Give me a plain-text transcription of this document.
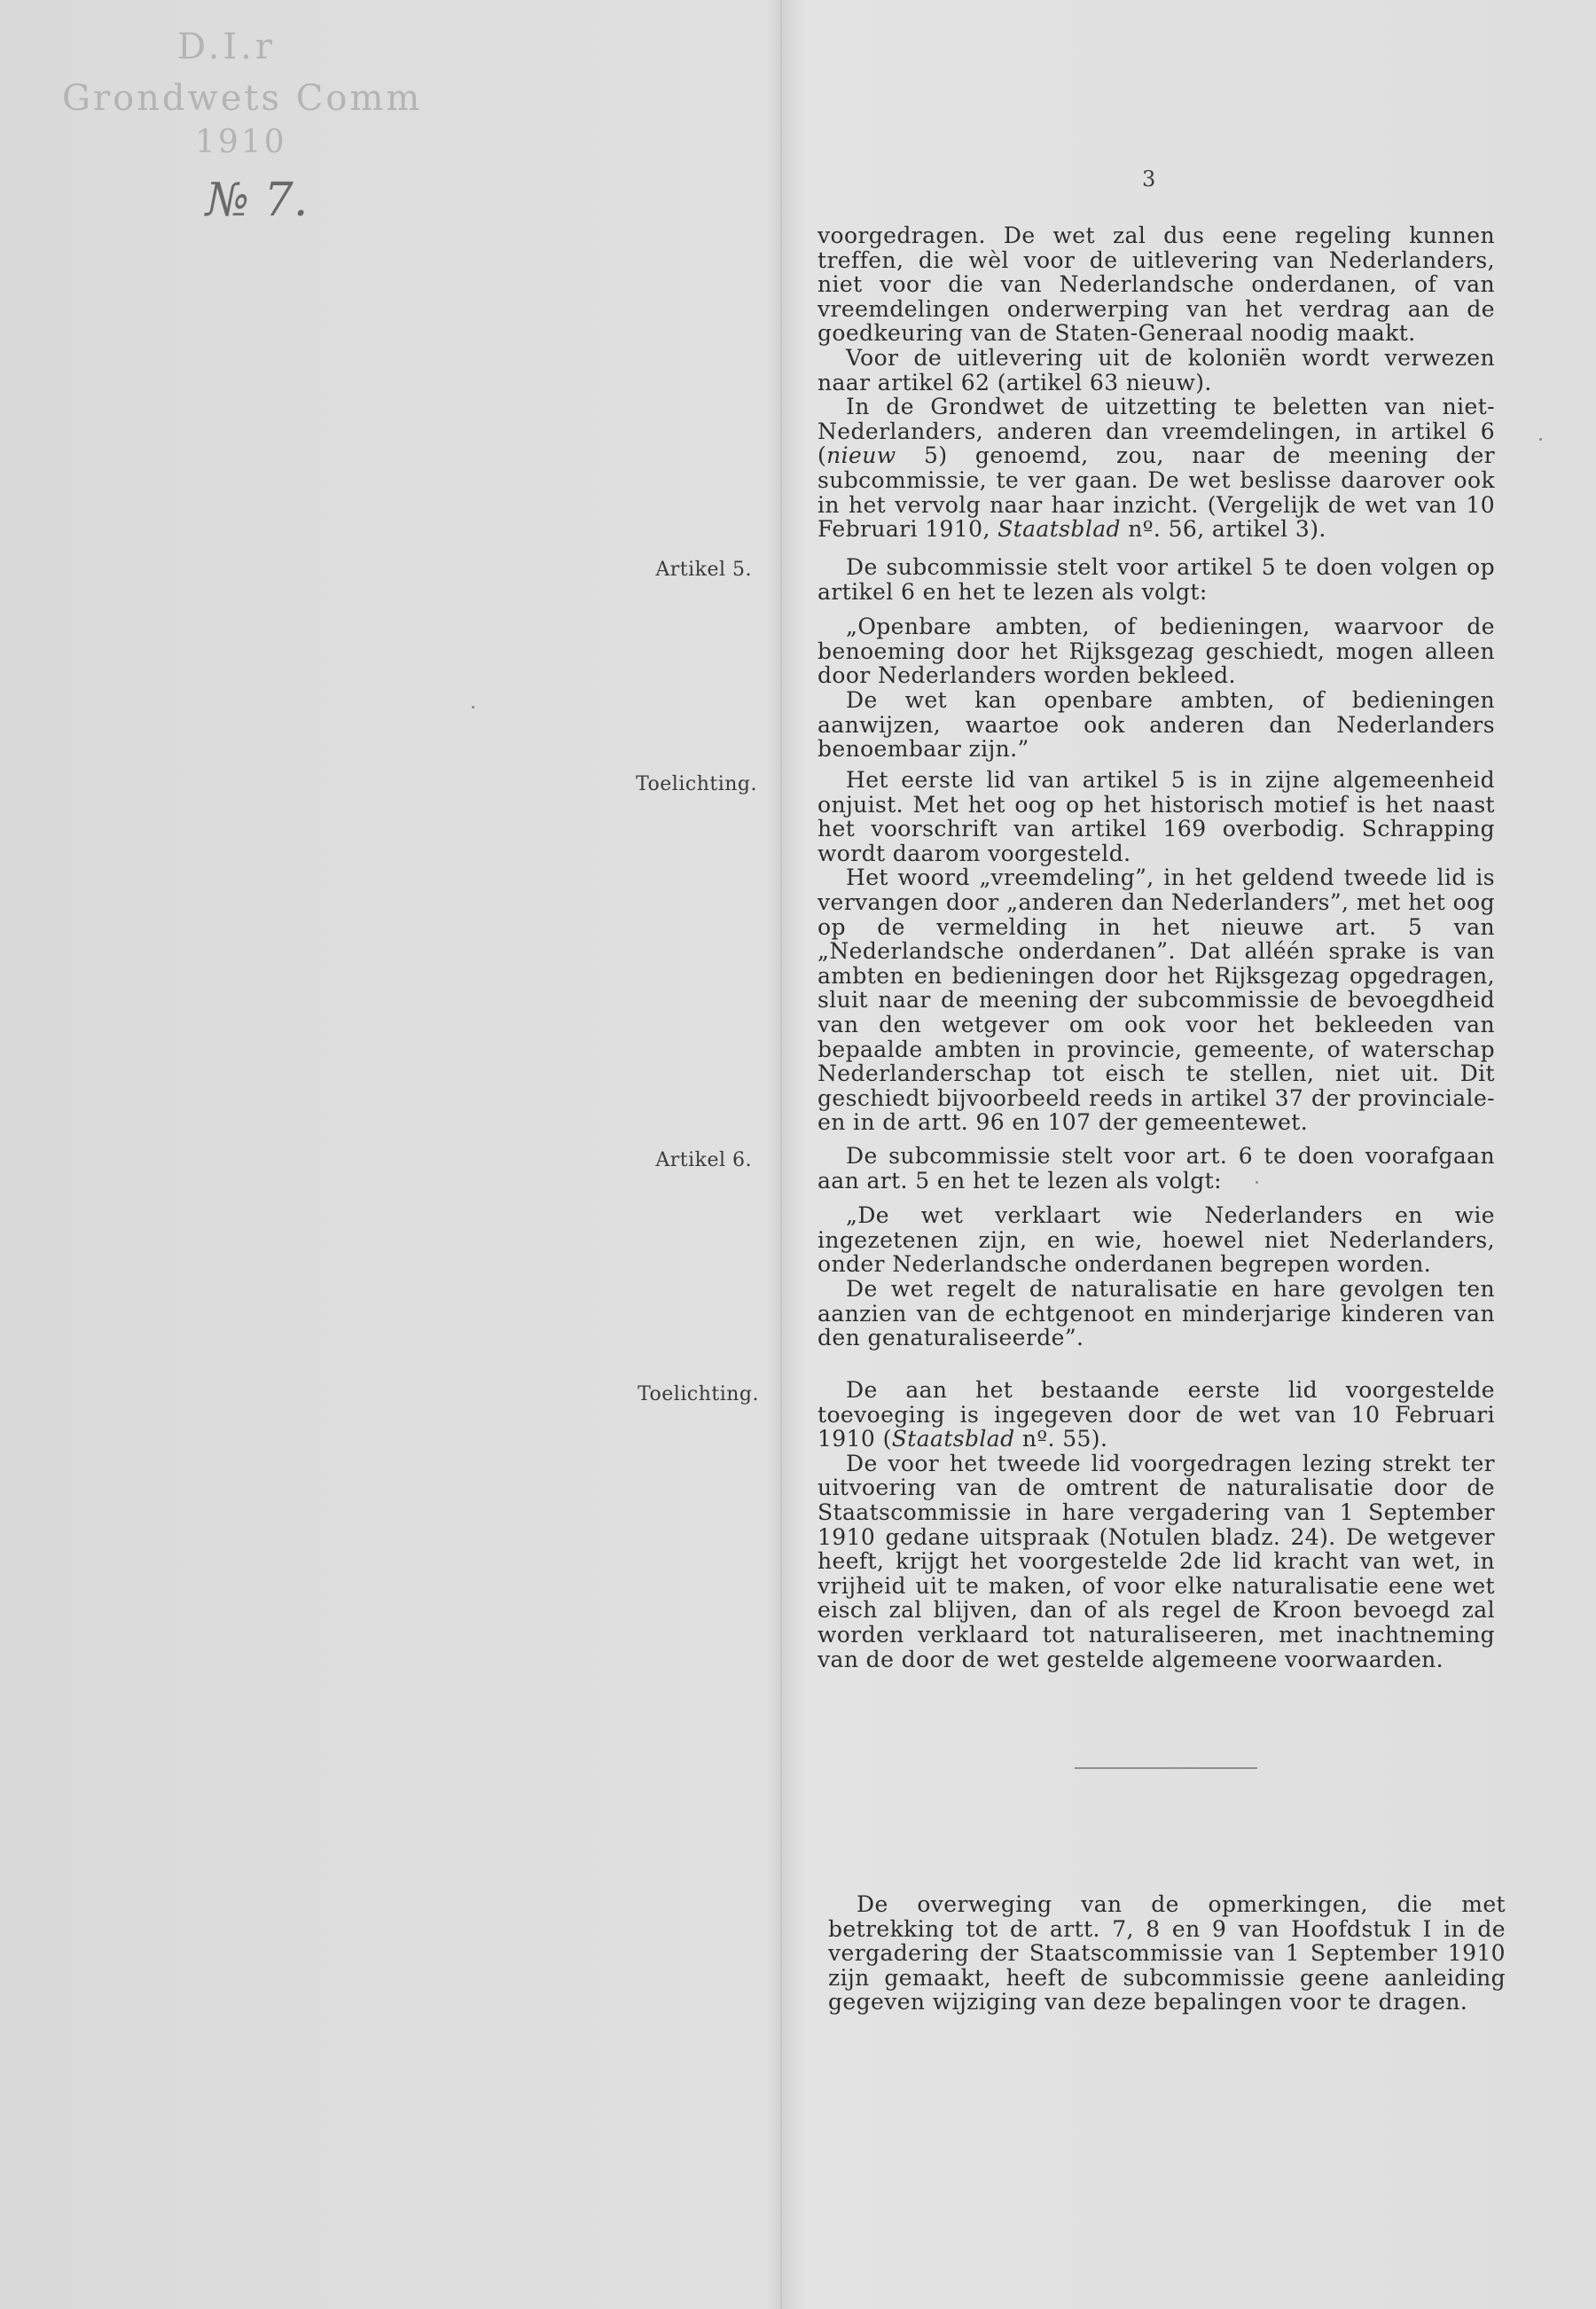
D.I.r
Grondwets Comm
1910
№ 7.	3

voorgedragen. De wet zal dus eene regeling kunnen treffen, die wèl voor de uitlevering van Nederlanders, niet voor die van Nederlandsche onderdanen, of van vreemdelingen onderwerping van het verdrag aan de goedkeuring van de Staten-Generaal noodig maakt.

Voor de uitlevering uit de koloniën wordt verwezen naar artikel 62 (artikel 63 nieuw).

In de Grondwet de uitzetting te beletten van niet-Nederlanders, anderen dan vreemdelingen, in artikel 6 (nieuw 5) genoemd, zou, naar de meening der subcommissie, te ver gaan. De wet beslisse daarover ook in het vervolg naar haar inzicht. (Vergelijk de wet van 10 Februari 1910, Staatsblad nº. 56, artikel 3).

Artikel 5.	De subcommissie stelt voor artikel 5 te doen volgen op artikel 6 en het te lezen als volgt:

„Openbare ambten, of bedieningen, waarvoor de benoeming door het Rijksgezag geschiedt, mogen alleen door Nederlanders worden bekleed.

De wet kan openbare ambten, of bedieningen aanwijzen, waartoe ook anderen dan Nederlanders benoembaar zijn.”

Toelichting.	Het eerste lid van artikel 5 is in zijne algemeenheid onjuist. Met het oog op het historisch motief is het naast het voorschrift van artikel 169 overbodig. Schrapping wordt daarom voorgesteld.

Het woord „vreemdeling”, in het geldend tweede lid is vervangen door „anderen dan Nederlanders”, met het oog op de vermelding in het nieuwe art. 5 van „Nederlandsche onderdanen”. Dat alléén sprake is van ambten en bedieningen door het Rijksgezag opgedragen, sluit naar de meening der subcommissie de bevoegdheid van den wetgever om ook voor het bekleeden van bepaalde ambten in provincie, gemeente, of waterschap Nederlanderschap tot eisch te stellen, niet uit. Dit geschiedt bijvoorbeeld reeds in artikel 37 der provinciale- en in de artt. 96 en 107 der gemeentewet.

Artikel 6.	De subcommissie stelt voor art. 6 te doen voorafgaan aan art. 5 en het te lezen als volgt:

„De wet verklaart wie Nederlanders en wie ingezetenen zijn, en wie, hoewel niet Nederlanders, onder Nederlandsche onderdanen begrepen worden.

De wet regelt de naturalisatie en hare gevolgen ten aanzien van de echtgenoot en minderjarige kinderen van den genaturaliseerde”.

Toelichting.	De aan het bestaande eerste lid voorgestelde toevoeging is ingegeven door de wet van 10 Februari 1910 (Staatsblad nº. 55).

De voor het tweede lid voorgedragen lezing strekt ter uitvoering van de omtrent de naturalisatie door de Staatscommissie in hare vergadering van 1 September 1910 gedane uitspraak (Notulen bladz. 24). De wetgever heeft, krijgt het voorgestelde 2de lid kracht van wet, in vrijheid uit te maken, of voor elke naturalisatie eene wet eisch zal blijven, dan of als regel de Kroon bevoegd zal worden verklaard tot naturaliseeren, met inachtneming van de door de wet gestelde algemeene voorwaarden.

De overweging van de opmerkingen, die met betrekking tot de artt. 7, 8 en 9 van Hoofdstuk I in de vergadering der Staatscommissie van 1 September 1910 zijn gemaakt, heeft de subcommissie geene aanleiding gegeven wijziging van deze bepalingen voor te dragen.
